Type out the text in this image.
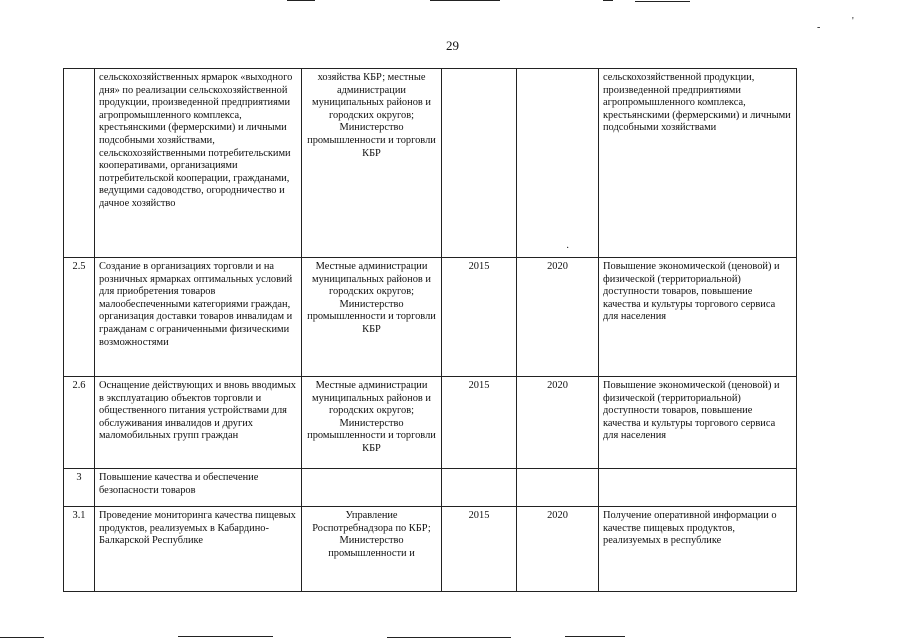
-
'
·
29
	сельскохозяйственных ярмарок «выходного дня» по реализации сельскохозяйственной продукции, произведенной предприятиями агропромышленного комплекса, крестьянскими (фермерскими) и личными подсобными хозяйствами, сельскохозяйственными потребительскими кооперативами, организациями потребительской кооперации, гражданами, ведущими садоводство, огородничество и дачное хозяйство	хозяйства КБР; местные администрации муниципальных районов и городских округов; Министерство промышленности и торговли КБР			сельскохозяйственной продукции, произведенной предприятиями агропромышленного комплекса, крестьянскими (фермерскими) и личными подсобными хозяйствами
2.5	Создание в организациях торговли и на розничных ярмарках оптимальных условий для приобретения товаров малообеспеченными категориями граждан, организация доставки товаров инвалидам и гражданам с ограниченными физическими возможностями	Местные администрации муниципальных районов и городских округов; Министерство промышленности и торговли КБР	2015	2020	Повышение экономической (ценовой) и физической (территориальной) доступности товаров, повышение качества и культуры торгового сервиса для населения
2.6	Оснащение действующих и вновь вводимых в эксплуатацию объектов торговли и общественного питания устройствами для обслуживания инвалидов и других маломобильных групп граждан	Местные администрации муниципальных районов и городских округов; Министерство промышленности и торговли КБР	2015	2020	Повышение экономической (ценовой) и физической (территориальной) доступности товаров, повышение качества и культуры торгового сервиса для населения
3	Повышение качества и обеспечение безопасности товаров				
3.1	Проведение мониторинга качества пищевых продуктов, реализуемых в Кабардино-Балкарской Республике	Управление Роспотребнадзора по КБР; Министерство промышленности и	2015	2020	Получение оперативной информации о качестве пищевых продуктов, реализуемых в республике
